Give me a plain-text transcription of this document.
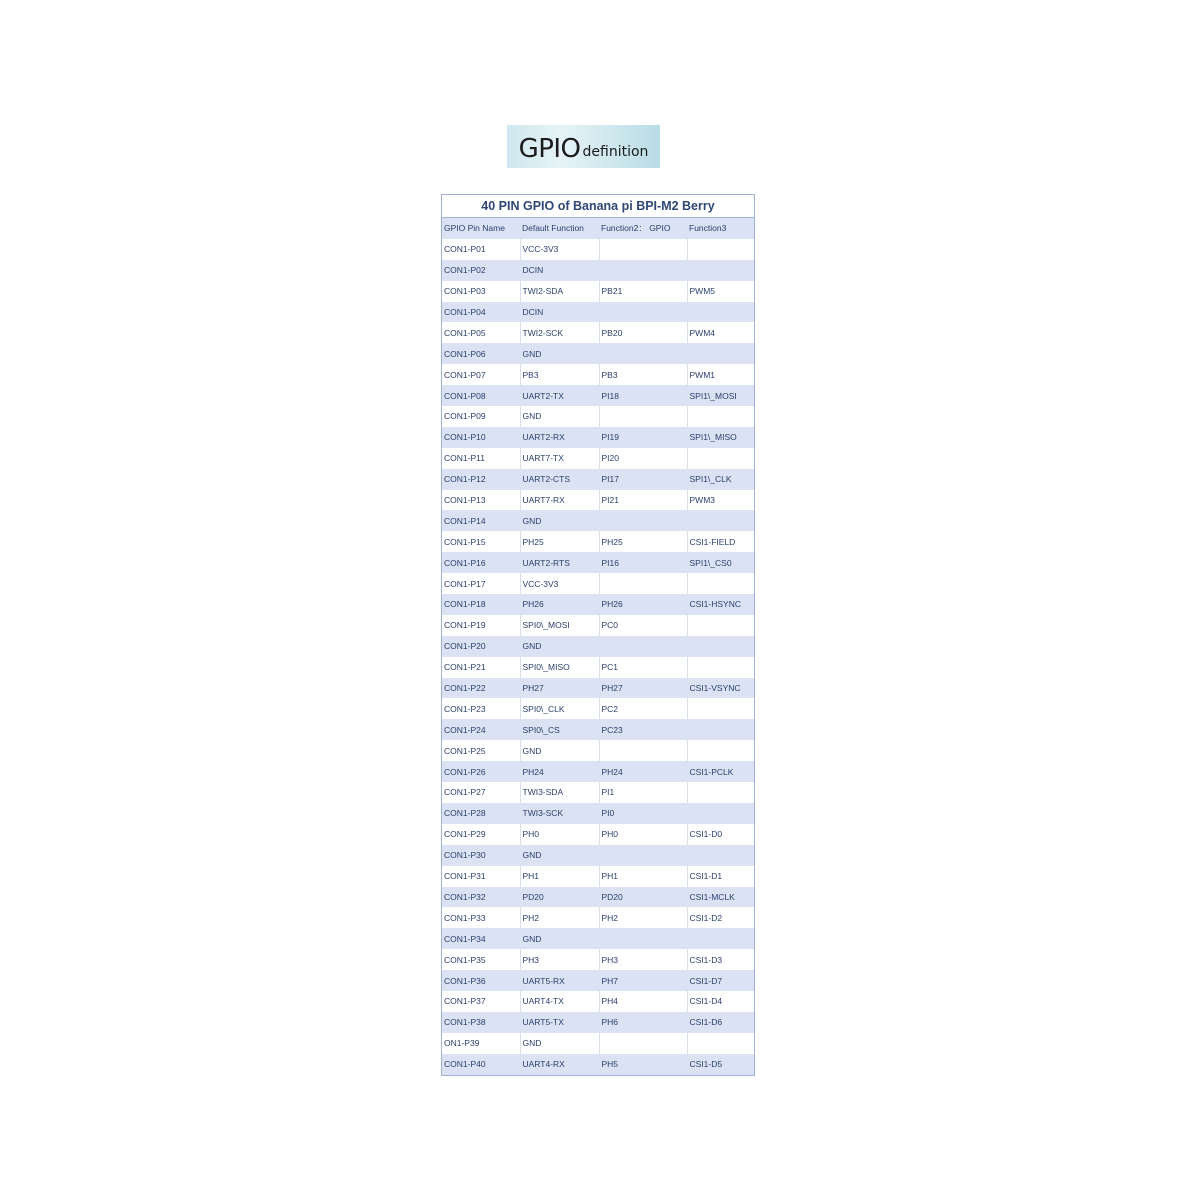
GPIO definition
40 PIN GPIO of Banana pi BPI-M2 Berry
GPIO Pin Name	Default Function	Function2： GPIO	Function3
CON1-P01	VCC-3V3		
CON1-P02	DCIN		
CON1-P03	TWI2-SDA	PB21	PWM5
CON1-P04	DCIN		
CON1-P05	TWI2-SCK	PB20	PWM4
CON1-P06	GND		
CON1-P07	PB3	PB3	PWM1
CON1-P08	UART2-TX	PI18	SPI1\_MOSI
CON1-P09	GND		
CON1-P10	UART2-RX	PI19	SPI1\_MISO
CON1-P11	UART7-TX	PI20	
CON1-P12	UART2-CTS	PI17	SPI1\_CLK
CON1-P13	UART7-RX	PI21	PWM3
CON1-P14	GND		
CON1-P15	PH25	PH25	CSI1-FIELD
CON1-P16	UART2-RTS	PI16	SPI1\_CS0
CON1-P17	VCC-3V3		
CON1-P18	PH26	PH26	CSI1-HSYNC
CON1-P19	SPI0\_MOSI	PC0	
CON1-P20	GND		
CON1-P21	SPI0\_MISO	PC1	
CON1-P22	PH27	PH27	CSI1-VSYNC
CON1-P23	SPI0\_CLK	PC2	
CON1-P24	SPI0\_CS	PC23	
CON1-P25	GND		
CON1-P26	PH24	PH24	CSI1-PCLK
CON1-P27	TWI3-SDA	PI1	
CON1-P28	TWI3-SCK	PI0	
CON1-P29	PH0	PH0	CSI1-D0
CON1-P30	GND		
CON1-P31	PH1	PH1	CSI1-D1
CON1-P32	PD20	PD20	CSI1-MCLK
CON1-P33	PH2	PH2	CSI1-D2
CON1-P34	GND		
CON1-P35	PH3	PH3	CSI1-D3
CON1-P36	UART5-RX	PH7	CSI1-D7
CON1-P37	UART4-TX	PH4	CSI1-D4
CON1-P38	UART5-TX	PH6	CSI1-D6
ON1-P39	GND		
CON1-P40	UART4-RX	PH5	CSI1-D5
